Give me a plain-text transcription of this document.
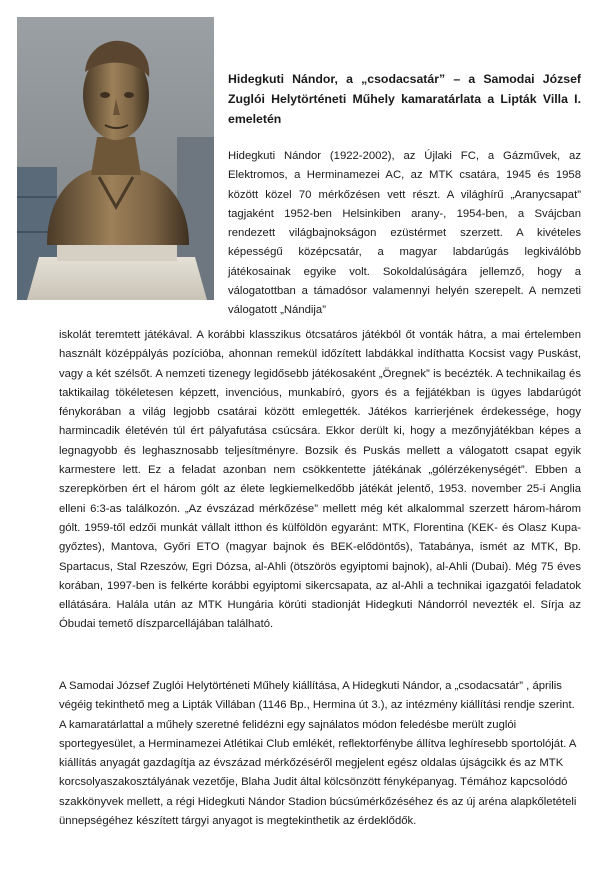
Hidegkuti Nándor, a „csodacsatár” – a Samodai József Zuglói Helytörténeti Műhely kamaratárlata a Lipták Villa I. emeletén
Hidegkuti Nándor (1922-2002), az Újlaki FC, a Gázművek, az Elektromos, a Herminamezei AC, az MTK csatára, 1945 és 1958 között közel 70 mérkőzésen vett részt. A világhírű „Aranycsapat” tagjaként 1952-ben Helsinkiben arany-, 1954-ben, a Svájcban rendezett világbajnokságon ezüstérmet szerzett. A kivételes képességű középcsatár, a magyar labdarúgás legkiválóbb játékosainak egyike volt. Sokoldalúságára jellemző, hogy a válogatottban a támadósor valamennyi helyén szerepelt. A nemzeti válogatott „Nándija”
iskolát teremtett játékával. A korábbi klasszikus ötcsatáros játékból őt vonták hátra, a mai értelemben használt középpályás pozícióba, ahonnan remekül időzített labdákkal indíthatta Kocsist vagy Puskást, vagy a két szélsőt. A nemzeti tizenegy legidősebb játékosaként „Öregnek” is becézték. A technikailag és taktikailag tökéletesen képzett, invencióus, munkabíró, gyors és a fejjátékban is ügyes labdarúgót fénykorában a világ legjobb csatárai között emlegették. Játékos karrierjének érdekessége, hogy harmincadik életévén túl ért pályafutása csúcsára. Ekkor derült ki, hogy a mezőnyjátékban képes a legnagyobb és leghasznosabb teljesítményre. Bozsik és Puskás mellett a válogatott csapat egyik karmestere lett. Ez a feladat azonban nem csökkentette játékának „gólérzékenységét”. Ebben a szerepkörben ért el három gólt az élete legkiemelkedőbb játékát jelentő, 1953. november 25-i Anglia elleni 6:3-as találkozón. „Az évszázad mérkőzése” mellett még két alkalommal szerzett három-három gólt. 1959-től edzői munkát vállalt itthon és külföldön egyaránt: MTK, Florentina (KEK- és Olasz Kupa-győztes), Mantova, Győri ETO (magyar bajnok és BEK-elődöntős), Tatabánya, ismét az MTK, Bp. Spartacus, Stal Rzeszów, Egri Dózsa, al-Ahli (ötszörös egyiptomi bajnok), al-Ahli (Dubai). Még 75 éves korában, 1997-ben is felkérte korábbi egyiptomi sikercsapata, az al-Ahli a technikai igazgatói feladatok ellátására. Halála után az MTK Hungária körúti stadionját Hidegkuti Nándorról nevezték el. Sírja az Óbudai temető díszparcellájában található.
A Samodai József Zuglói Helytörténeti Műhely kiállítása, A Hidegkuti Nándor, a „csodacsatár” , április végéig tekinthető meg a Lipták Villában (1146 Bp., Hermina út 3.), az intézmény kiállítási rendje szerint. A kamaratárlattal a műhely szeretné felidézni egy sajnálatos módon feledésbe merült zuglói sportegyesület, a Herminamezei Atlétikai Club emlékét, reflektorfénybe állítva leghíresebb sportolóját. A kiállítás anyagát gazdagítja az évszázad mérkőzéséről megjelent egész oldalas újságcikk és az MTK korcsolyaszakosztályának vezetője, Blaha Judit által kölcsönzött fényképanyag. Témához kapcsolódó szakkönyvek mellett, a régi Hidegkuti Nándor Stadion búcsúmérkőzéséhez és az új aréna alapkőletételi ünnepségéhez készített tárgyi anyagot is megtekinthetik az érdeklődők.
